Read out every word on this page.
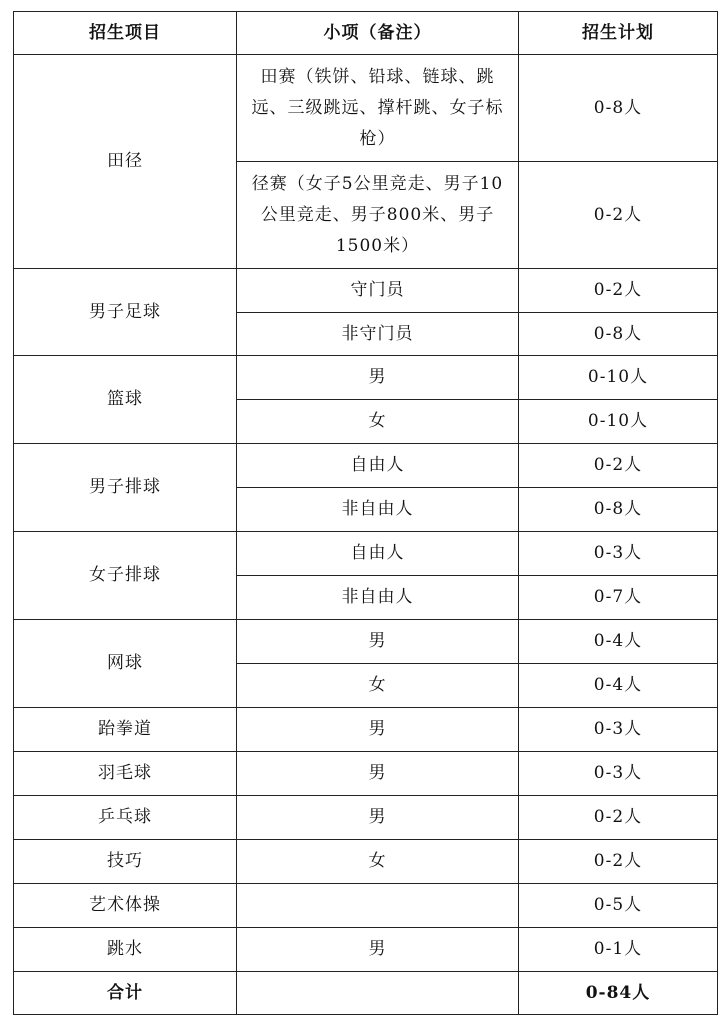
招生项目	小项（备注）	招生计划
田径	田赛（铁饼、铅球、链球、跳远、三级跳远、撑杆跳、女子标枪）	0-8人
	径赛（女子5公里竞走、男子10公里竞走、男子800米、男子1500米）	0-2人
男子足球	守门员	0-2人
	非守门员	0-8人
篮球	男	0-10人
	女	0-10人
男子排球	自由人	0-2人
	非自由人	0-8人
女子排球	自由人	0-3人
	非自由人	0-7人
网球	男	0-4人
	女	0-4人
跆拳道	男	0-3人
羽毛球	男	0-3人
乒乓球	男	0-2人
技巧	女	0-2人
艺术体操		0-5人
跳水	男	0-1人
合计		0-84人
